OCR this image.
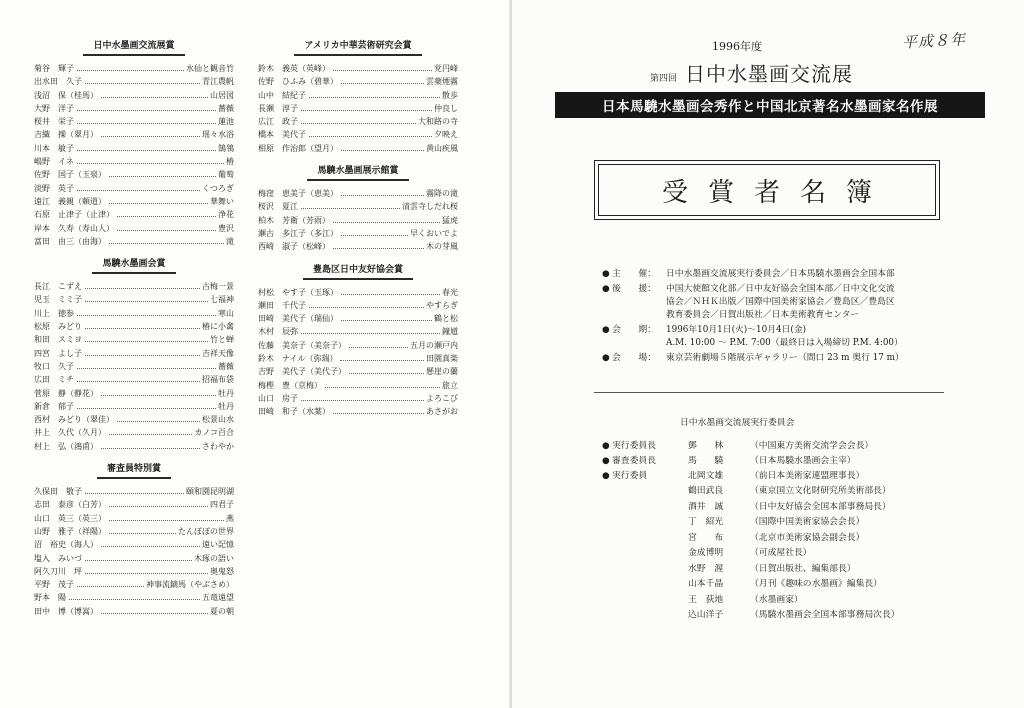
日中水墨画交流展賞
菊谷　輝子	水仙と観音竹
出水田　久子	青江農帆
浅沼　保（桂馬）	山居図
大野　洋子	薔薇
桜井　栄子	蓮池
吉織　操（翠月）	瑶々水浴
川本　敏子	鵠鴒
嶋野　イネ	椿
佐野　国子（玉泉）	葡萄
淡野　英子	くつろぎ
遠江　義親（頼道）	華舞い
石原　止津子（止津）	浄花
岸本　久寿（寿山人）	豊沢
富田　由三（由海）	滝
馬驍水墨画会賞
長江　こずえ	古梅一景
児玉　ミミ子	七福神
川上　徳参	寒山
松原　みどり	椿に小禽
和田　スミヨ	竹と蝉
四宮　よし子	吉祥天像
牧口　久子	薔薇
広田　ミチ	招福布袋
菅原　静（静花）	牡丹
新倉　郁子	牡丹
西村　みどり（翠佳）	松景山水
井上　久代（久月）	カノコ百合
村上　弘（鴻甫）	さわやか
審査員特別賞
久保田　敬子	頤和園昆明湖
志田　泰彦（白芳）	四君子
山口　英三（英三）	燕
山野　雅子（祥陽）	たんぽぽの世界
沼　裕史（海人）	遠い記憶
塩入　みいづ	木琢の語い
阿久刀川　坪	奥鬼怒
平野　茂子	神事流鏑馬（やぶさめ）
野本　陽	五竜遠望
田中　博（博嵩）	夏の朝
アメリカ中華芸術研究会賞
鈴木　義英（英峰）	党円峰
佐野　ひふみ（碧華）	雲薬煙霧
山中　結紀子	散歩
長瀬　淳子	仲良し
広江　政子	大和路の寺
橋本　美代子	夕映え
相原　作治郎（望月）	黄山疾風
馬驍水墨画展示館賞
梅窪　恵美子（恵美）	霧降の滝
桜沢　夏江	清雲寺しだれ桜
柏木　芳衛（芳雨）	猛虎
瀬古　多江子（多江）	早くおいでよ
西崎　淑子（松峰）	木の芽風
豊島区日中友好協会賞
村松　やす子（玉琢）	春光
瀬田　千代子	やすらぎ
田崎　美代子（瑞仙）	鶴と松
木村　辰弥	鐘馗
佐藤　美奈子（美奈子）	五月の瀬戸内
鈴木　ナイル（弥瑞）	田園真楽
吉野　美代子（美代子）	懸崖の蘭
梅樫　豊（京梅）	旅立
山口　房子	よろこび
田崎　和子（水葉）	あさがお
平成８年
1996年度
第四回 日中水墨画交流展
日本馬驍水墨画会秀作と中国北京著名水墨画家名作展
受賞者名簿
● 主 催： 日中水墨画交流展実行委員会／日本馬驍水墨画会全国本部
● 後 援： 中国大使館文化部／日中友好協会全国本部／日中文化交流
協会／ＮＨＫ出版／国際中国美術家協会／豊島区／豊島区
教育委員会／日賀出版社／日本美術教育センター
● 会 期： 1996年10月1日(火)〜10月4日(金)
A.M. 10:00 〜 P.M. 7:00（最終日は入場締切 P.M. 4:00）
● 会 場： 東京芸術劇場５階展示ギャラリー（間口 23 m 奥行 17 m）
日中水墨画交流展実行委員会
● 実行委員長	鄧　　林	（中国東方美術交流学会会長）
● 審査委員長	馬　　驍	（日本馬驍水墨画会主宰）
● 実行委員	北岡文雄	（前日本美術家連盟理事長）
鶴田武良	（東京国立文化財研究所美術部長）
酒井　誠	（日中友好協会全国本部事務局長）
丁　紹光	（国際中国美術家協会会長）
宮　　布	（北京市美術家協会副会長）
金成博明	（可成屋社長）
水野　渥	（日賀出版社、編集部長）
山本千晶	（月刊《趣味の水墨画》編集長）
王　荻地	（水墨画家）
込山洋子	（馬驍水墨画会全国本部事務局次長）
